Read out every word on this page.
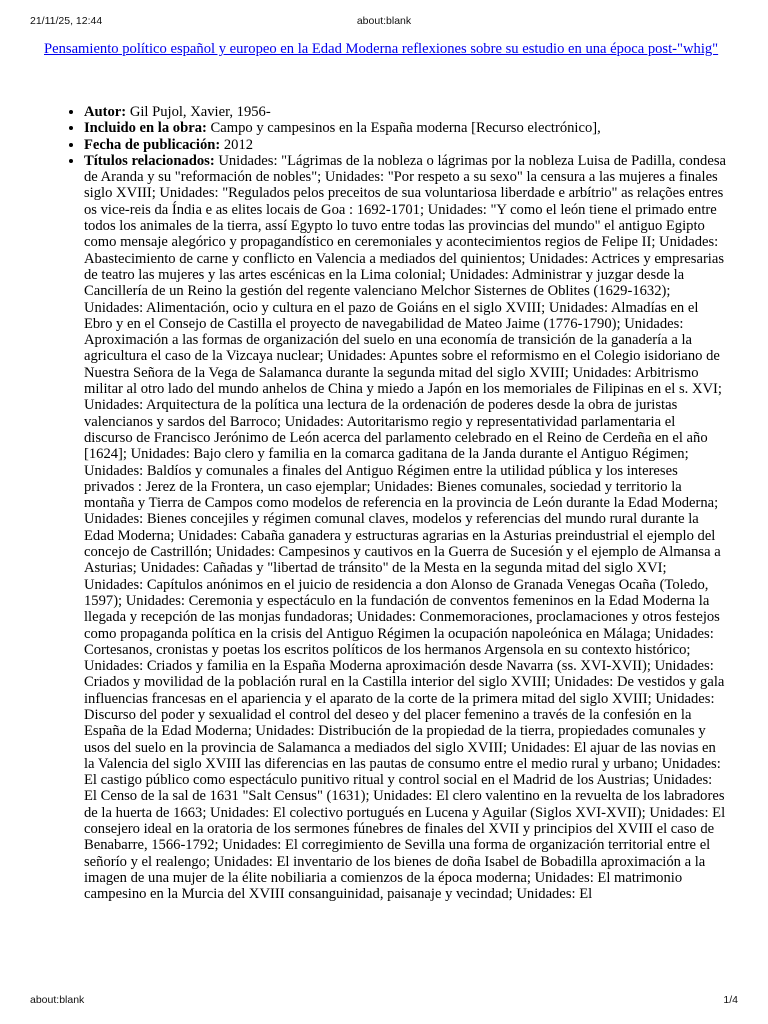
21/11/25, 12:44	about:blank
Pensamiento político español y europeo en la Edad Moderna reflexiones sobre su estudio en una época post-"whig"
• Autor: Gil Pujol, Xavier, 1956-
• Incluido en la obra: Campo y campesinos en la España moderna [Recurso electrónico],
• Fecha de publicación: 2012
• Títulos relacionados: Unidades: "Lágrimas de la nobleza o lágrimas por la nobleza Luisa de Padilla, condesa de Aranda y su "reformación de nobles"; Unidades: "Por respeto a su sexo" la censura a las mujeres a finales siglo XVIII; Unidades: "Regulados pelos preceitos de sua voluntariosa liberdade e arbítrio" as relações entres os vice-reis da Índia e as elites locais de Goa : 1692-1701; Unidades: "Y como el león tiene el primado entre todos los animales de la tierra, assí Egypto lo tuvo entre todas las provincias del mundo" el antiguo Egipto como mensaje alegórico y propagandístico en ceremoniales y acontecimientos regios de Felipe II; Unidades: Abastecimiento de carne y conflicto en Valencia a mediados del quinientos; Unidades: Actrices y empresarias de teatro las mujeres y las artes escénicas en la Lima colonial; Unidades: Administrar y juzgar desde la Cancillería de un Reino la gestión del regente valenciano Melchor Sisternes de Oblites (1629-1632); Unidades: Alimentación, ocio y cultura en el pazo de Goiáns en el siglo XVIII; Unidades: Almadías en el Ebro y en el Consejo de Castilla el proyecto de navegabilidad de Mateo Jaime (1776-1790); Unidades: Aproximación a las formas de organización del suelo en una economía de transición de la ganadería a la agricultura el caso de la Vizcaya nuclear; Unidades: Apuntes sobre el reformismo en el Colegio isidoriano de Nuestra Señora de la Vega de Salamanca durante la segunda mitad del siglo XVIII; Unidades: Arbitrismo militar al otro lado del mundo anhelos de China y miedo a Japón en los memoriales de Filipinas en el s. XVI; Unidades: Arquitectura de la política una lectura de la ordenación de poderes desde la obra de juristas valencianos y sardos del Barroco; Unidades: Autoritarismo regio y representatividad parlamentaria el discurso de Francisco Jerónimo de León acerca del parlamento celebrado en el Reino de Cerdeña en el año [1624]; Unidades: Bajo clero y familia en la comarca gaditana de la Janda durante el Antiguo Régimen; Unidades: Baldíos y comunales a finales del Antiguo Régimen entre la utilidad pública y los intereses privados : Jerez de la Frontera, un caso ejemplar; Unidades: Bienes comunales, sociedad y territorio la montaña y Tierra de Campos como modelos de referencia en la provincia de León durante la Edad Moderna; Unidades: Bienes concejiles y régimen comunal claves, modelos y referencias del mundo rural durante la Edad Moderna; Unidades: Cabaña ganadera y estructuras agrarias en la Asturias preindustrial el ejemplo del concejo de Castrillón; Unidades: Campesinos y cautivos en la Guerra de Sucesión y el ejemplo de Almansa a Asturias; Unidades: Cañadas y "libertad de tránsito" de la Mesta en la segunda mitad del siglo XVI; Unidades: Capítulos anónimos en el juicio de residencia a don Alonso de Granada Venegas Ocaña (Toledo, 1597); Unidades: Ceremonia y espectáculo en la fundación de conventos femeninos en la Edad Moderna la llegada y recepción de las monjas fundadoras; Unidades: Conmemoraciones, proclamaciones y otros festejos como propaganda política en la crisis del Antiguo Régimen la ocupación napoleónica en Málaga; Unidades: Cortesanos, cronistas y poetas los escritos políticos de los hermanos Argensola en su contexto histórico; Unidades: Criados y familia en la España Moderna aproximación desde Navarra (ss. XVI-XVII); Unidades: Criados y movilidad de la población rural en la Castilla interior del siglo XVIII; Unidades: De vestidos y gala influencias francesas en el apariencia y el aparato de la corte de la primera mitad del siglo XVIII; Unidades: Discurso del poder y sexualidad el control del deseo y del placer femenino a través de la confesión en la España de la Edad Moderna; Unidades: Distribución de la propiedad de la tierra, propiedades comunales y usos del suelo en la provincia de Salamanca a mediados del siglo XVIII; Unidades: El ajuar de las novias en la Valencia del siglo XVIII las diferencias en las pautas de consumo entre el medio rural y urbano; Unidades: El castigo público como espectáculo punitivo ritual y control social en el Madrid de los Austrias; Unidades: El Censo de la sal de 1631 "Salt Census" (1631); Unidades: El clero valentino en la revuelta de los labradores de la huerta de 1663; Unidades: El colectivo portugués en Lucena y Aguilar (Siglos XVI-XVII); Unidades: El consejero ideal en la oratoria de los sermones fúnebres de finales del XVII y principios del XVIII el caso de Benabarre, 1566-1792; Unidades: El corregimiento de Sevilla una forma de organización territorial entre el señorío y el realengo; Unidades: El inventario de los bienes de doña Isabel de Bobadilla aproximación a la imagen de una mujer de la élite nobiliaria a comienzos de la época moderna; Unidades: El matrimonio campesino en la Murcia del XVIII consanguinidad, paisanaje y vecindad; Unidades: El
about:blank	1/4
